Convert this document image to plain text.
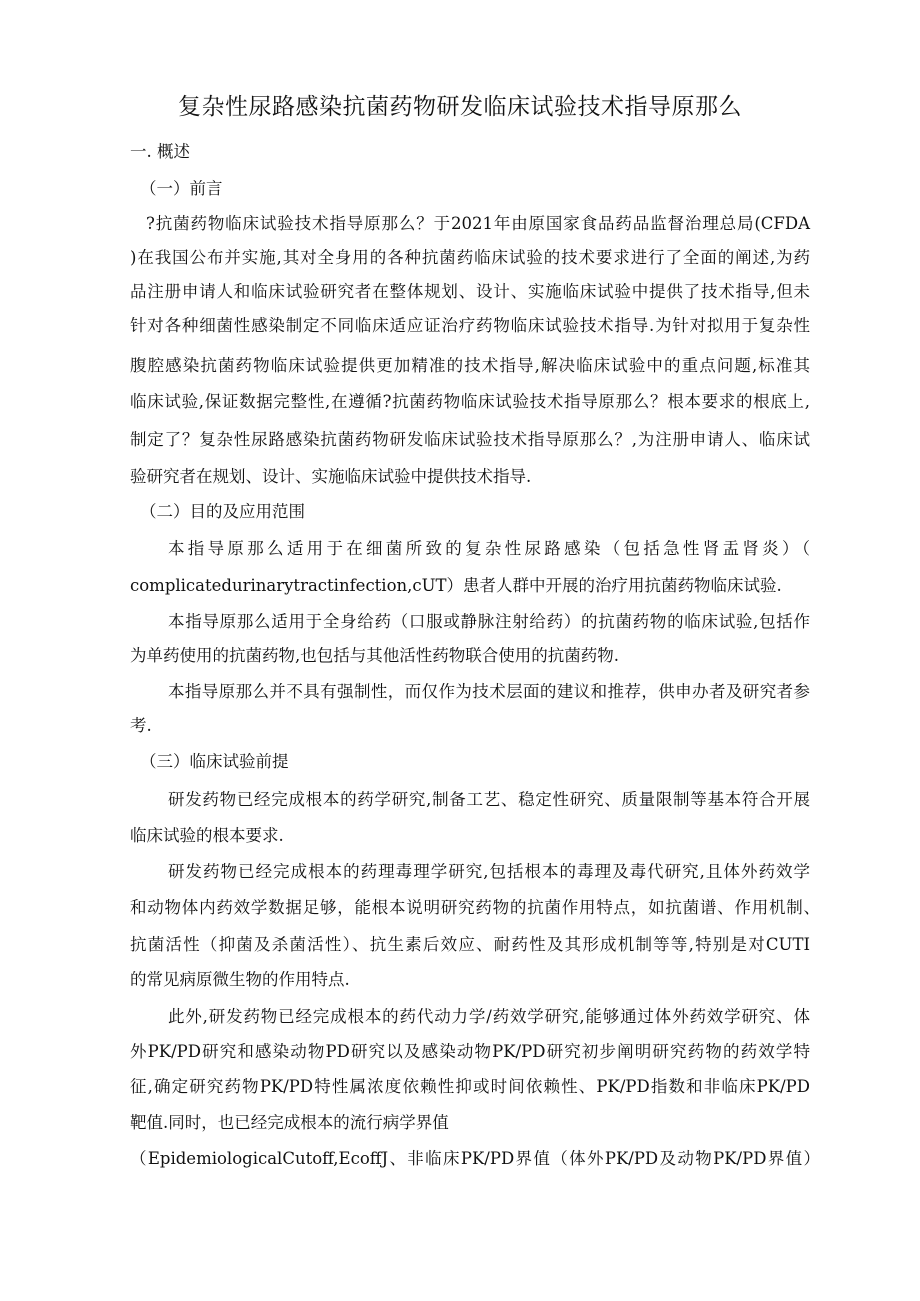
复杂性尿路感染抗菌药物研发临床试验技术指导原那么
一. 概述
（一）前言
?抗菌药物临床试验技术指导原那么？于2021年由原国家食品药品监督治理总局(CFDA
)在我国公布并实施,其对全身用的各种抗菌药临床试验的技术要求进行了全面的阐述,为药
品注册申请人和临床试验研究者在整体规划、设计、实施临床试验中提供了技术指导,但未
针对各种细菌性感染制定不同临床适应证治疗药物临床试验技术指导.为针对拟用于复杂性
腹腔感染抗菌药物临床试验提供更加精准的技术指导,解决临床试验中的重点问题,标准其
临床试验,保证数据完整性,在遵循?抗菌药物临床试验技术指导原那么？根本要求的根底上,
制定了？复杂性尿路感染抗菌药物研发临床试验技术指导原那么？,为注册申请人、临床试
验研究者在规划、设计、实施临床试验中提供技术指导.
（二）目的及应用范围
本指导原那么适用于在细菌所致的复杂性尿路感染（包括急性肾盂肾炎）（
complicatedurinarytractinfection,cUT）患者人群中开展的治疗用抗菌药物临床试验.
本指导原那么适用于全身给药（口服或静脉注射给药）的抗菌药物的临床试验,包括作
为单药使用的抗菌药物,也包括与其他活性药物联合使用的抗菌药物.
本指导原那么并不具有强制性，而仅作为技术层面的建议和推荐，供申办者及研究者参
考.
（三）临床试验前提
研发药物已经完成根本的药学研究,制备工艺、稳定性研究、质量限制等基本符合开展
临床试验的根本要求.
研发药物已经完成根本的药理毒理学研究,包括根本的毒理及毒代研究,且体外药效学
和动物体内药效学数据足够，能根本说明研究药物的抗菌作用特点，如抗菌谱、作用机制、
抗菌活性（抑菌及杀菌活性）、抗生素后效应、耐药性及其形成机制等等,特别是对CUTI
的常见病原微生物的作用特点.
此外,研发药物已经完成根本的药代动力学/药效学研究,能够通过体外药效学研究、体
外PK/PD研究和感染动物PD研究以及感染动物PK/PD研究初步阐明研究药物的药效学特
征,确定研究药物PK/PD特性属浓度依赖性抑或时间依赖性、PK/PD指数和非临床PK/PD
靶值.同时，也已经完成根本的流行病学界值
（EpidemiologicalCutoff,EcoffJ、非临床PK/PD界值（体外PK/PD及动物PK/PD界值）
